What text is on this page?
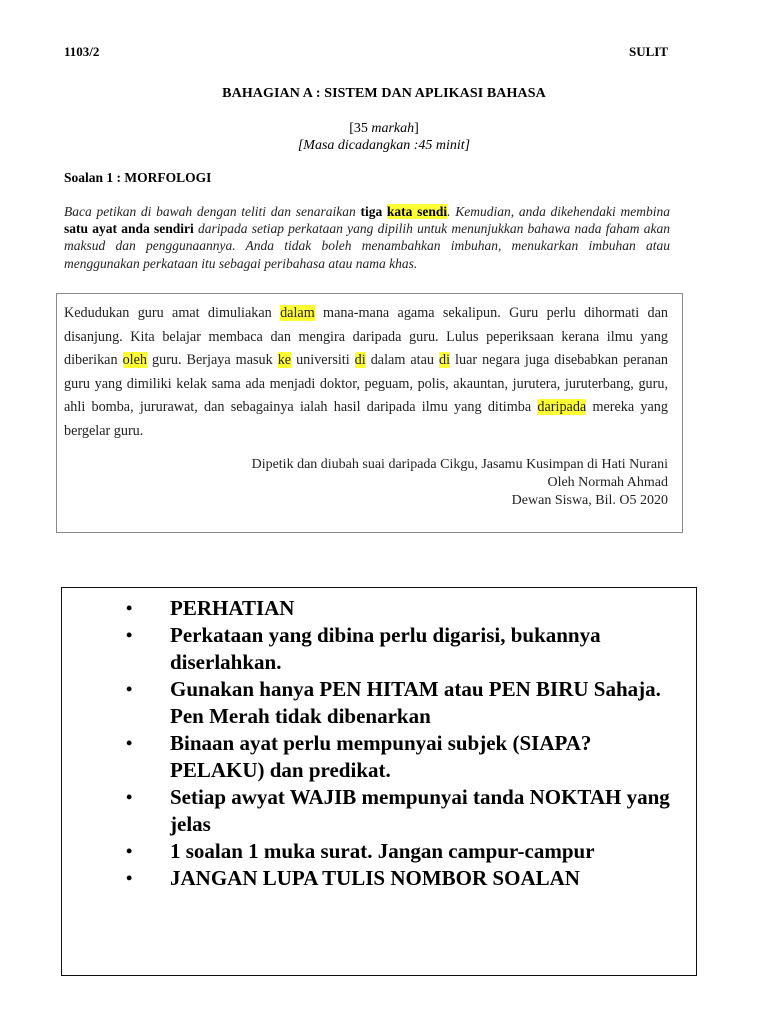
1103/2	SULIT
BAHAGIAN A : SISTEM DAN APLIKASI BAHASA
[35 markah]
[Masa dicadangkan :45 minit]
Soalan 1 : MORFOLOGI
Baca petikan di bawah dengan teliti dan senaraikan tiga kata sendi. Kemudian, anda dikehendaki membina satu ayat anda sendiri daripada setiap perkataan yang dipilih untuk menunjukkan bahawa nada faham akan maksud dan penggunaannya. Anda tidak boleh menambahkan imbuhan, menukarkan imbuhan atau menggunakan perkataan itu sebagai peribahasa atau nama khas.
Kedudukan guru amat dimuliakan dalam mana-mana agama sekalipun. Guru perlu dihormati dan disanjung. Kita belajar membaca dan mengira daripada guru. Lulus peperiksaan kerana ilmu yang diberikan oleh guru. Berjaya masuk ke universiti di dalam atau di luar negara juga disebabkan peranan guru yang dimiliki kelak sama ada menjadi doktor, peguam, polis, akauntan, jurutera, juruterbang, guru, ahli bomba, jururawat, dan sebagainya ialah hasil daripada ilmu yang ditimba daripada mereka yang bergelar guru.
Dipetik dan diubah suai daripada Cikgu, Jasamu Kusimpan di Hati Nurani
Oleh Normah Ahmad
Dewan Siswa, Bil. O5 2020
• PERHATIAN
• Perkataan yang dibina perlu digarisi, bukannya diserlahkan.
• Gunakan hanya PEN HITAM atau PEN BIRU Sahaja. Pen Merah tidak dibenarkan
• Binaan ayat perlu mempunyai subjek (SIAPA? PELAKU) dan predikat.
• Setiap awyat WAJIB mempunyai tanda NOKTAH yang jelas
• 1 soalan 1 muka surat. Jangan campur-campur
• JANGAN LUPA TULIS NOMBOR SOALAN
